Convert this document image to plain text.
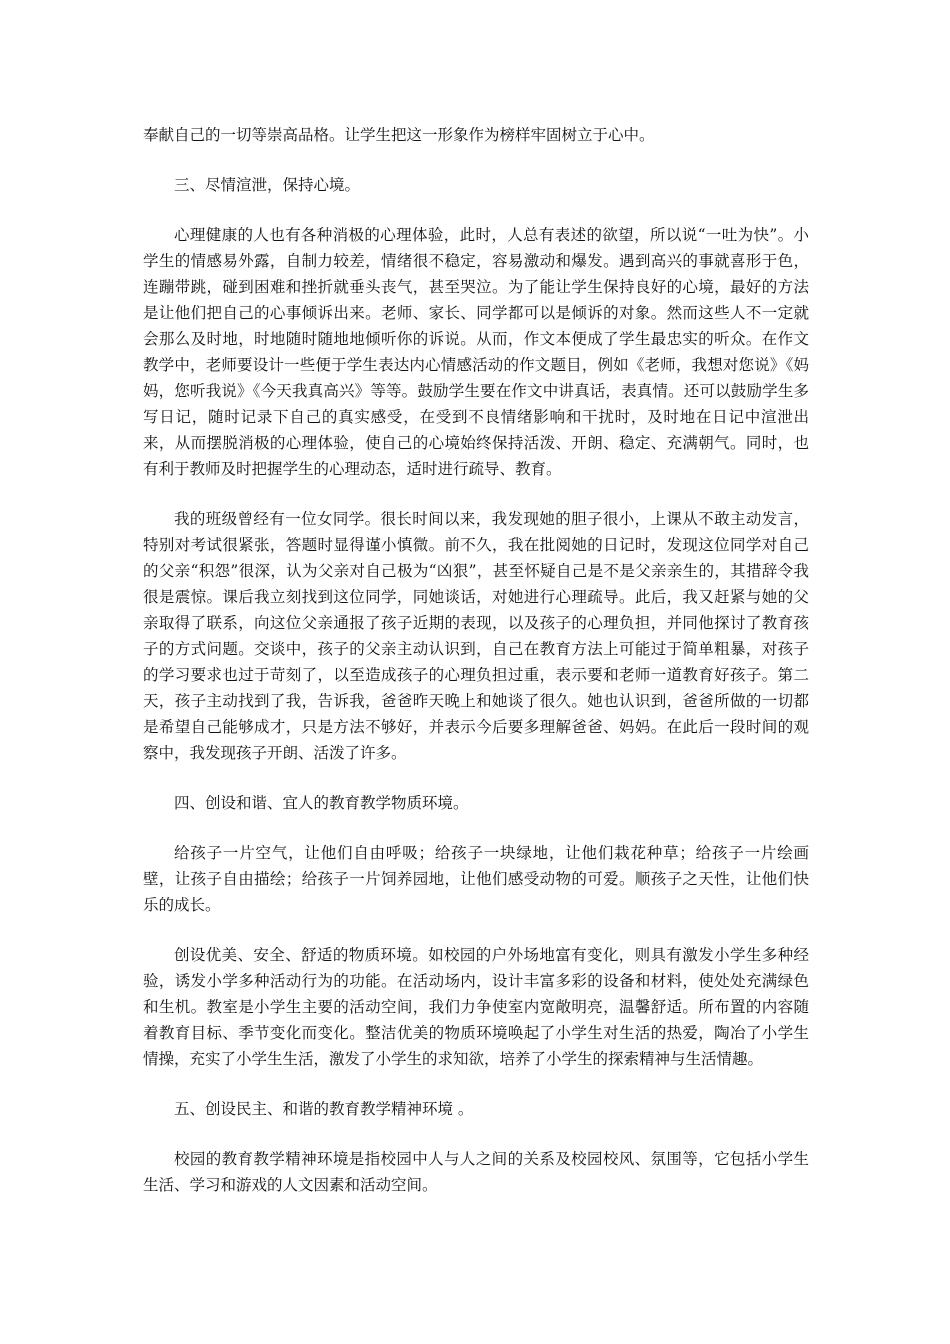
奉献自己的一切等崇高品格。让学生把这一形象作为榜样牢固树立于心中。

三、尽情渲泄，保持心境。

心理健康的人也有各种消极的心理体验，此时，人总有表述的欲望，所以说“一吐为快”。小学生的情感易外露，自制力较差，情绪很不稳定，容易激动和爆发。遇到高兴的事就喜形于色，连蹦带跳，碰到困难和挫折就垂头丧气，甚至哭泣。为了能让学生保持良好的心境，最好的方法是让他们把自己的心事倾诉出来。老师、家长、同学都可以是倾诉的对象。然而这些人不一定就会那么及时地，时地随时随地地倾听你的诉说。从而，作文本便成了学生最忠实的听众。在作文教学中，老师要设计一些便于学生表达内心情感活动的作文题目，例如《老师，我想对您说》《妈妈，您听我说》《今天我真高兴》等等。鼓励学生要在作文中讲真话，表真情。还可以鼓励学生多写日记，随时记录下自己的真实感受，在受到不良情绪影响和干扰时，及时地在日记中渲泄出来，从而摆脱消极的心理体验，使自己的心境始终保持活泼、开朗、稳定、充满朝气。同时，也有利于教师及时把握学生的心理动态，适时进行疏导、教育。

我的班级曾经有一位女同学。很长时间以来，我发现她的胆子很小，上课从不敢主动发言，特别对考试很紧张，答题时显得谨小慎微。前不久，我在批阅她的日记时，发现这位同学对自己的父亲“积怨”很深，认为父亲对自己极为“凶狠”，甚至怀疑自己是不是父亲亲生的，其措辞令我很是震惊。课后我立刻找到这位同学，同她谈话，对她进行心理疏导。此后，我又赶紧与她的父亲取得了联系，向这位父亲通报了孩子近期的表现，以及孩子的心理负担，并同他探讨了教育孩子的方式问题。交谈中，孩子的父亲主动认识到，自己在教育方法上可能过于简单粗暴，对孩子的学习要求也过于苛刻了，以至造成孩子的心理负担过重，表示要和老师一道教育好孩子。第二天，孩子主动找到了我，告诉我，爸爸昨天晚上和她谈了很久。她也认识到，爸爸所做的一切都是希望自己能够成才，只是方法不够好，并表示今后要多理解爸爸、妈妈。在此后一段时间的观察中，我发现孩子开朗、活泼了许多。

四、创设和谐、宜人的教育教学物质环境。

给孩子一片空气，让他们自由呼吸；给孩子一块绿地，让他们栽花种草；给孩子一片绘画壁，让孩子自由描绘；给孩子一片饲养园地，让他们感受动物的可爱。顺孩子之天性，让他们快乐的成长。

创设优美、安全、舒适的物质环境。如校园的户外场地富有变化，则具有激发小学生多种经验，诱发小学多种活动行为的功能。在活动场内，设计丰富多彩的设备和材料，使处处充满绿色和生机。教室是小学生主要的活动空间，我们力争使室内宽敞明亮，温馨舒适。所布置的内容随着教育目标、季节变化而变化。整洁优美的物质环境唤起了小学生对生活的热爱，陶冶了小学生情操，充实了小学生生活，激发了小学生的求知欲，培养了小学生的探索精神与生活情趣。

五、创设民主、和谐的教育教学精神环境 。

校园的教育教学精神环境是指校园中人与人之间的关系及校园校风、氛围等，它包括小学生生活、学习和游戏的人文因素和活动空间。
